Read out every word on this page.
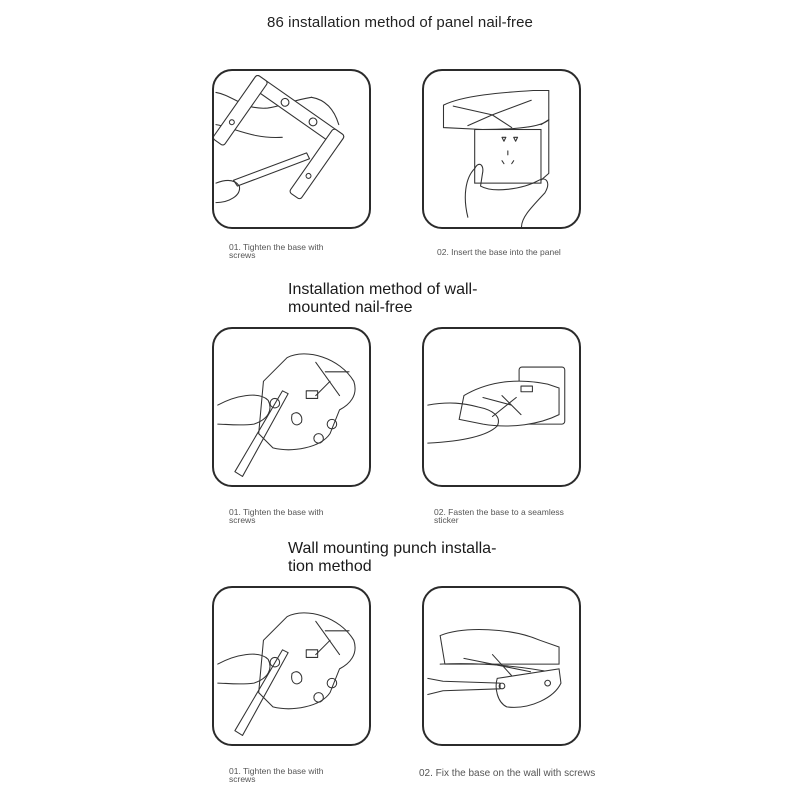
86 installation method of panel nail-free
01. Tighten the base with
screws	02. Insert the base into the panel
Installation method of wall-
mounted nail-free
01. Tighten the base with
screws
02. Fasten the base to a seamless
sticker
Wall mounting punch installa-
tion method
01. Tighten the base with
screws	02. Fix the base on the wall with screws
